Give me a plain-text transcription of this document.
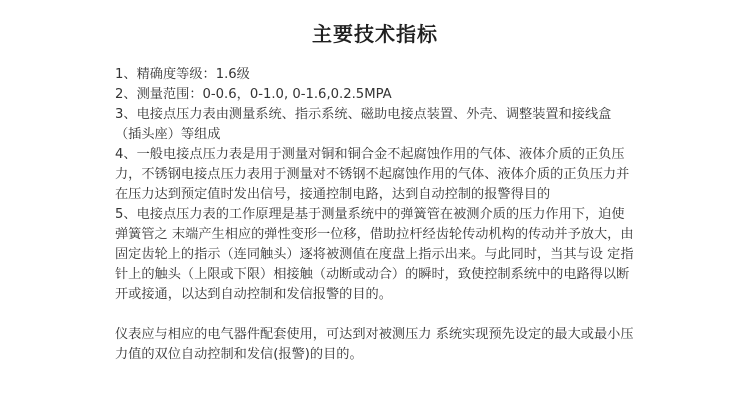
主要技术指标

1、精确度等级：1.6级

2、测量范围：0-0.6，0-1.0, 0-1.6,0.2.5MPA

3、电接点压力表由测量系统、指示系统、磁助电接点装置、外壳、调整装置和接线盒（插头座）等组成

4、一般电接点压力表是用于测量对铜和铜合金不起腐蚀作用的气体、液体介质的正负压力，不锈钢电接点压力表用于测量对不锈钢不起腐蚀作用的气体、液体介质的正负压力并在压力达到预定值时发出信号，接通控制电路，达到自动控制的报警得目的

5、电接点压力表的工作原理是基于测量系统中的弹簧管在被测介质的压力作用下，迫使弹簧管之 末端产生相应的弹性变形一位移，借助拉杆经齿轮传动机构的传动并予放大，由固定齿轮上的指示（连同触头）逐将被测值在度盘上指示出来。与此同时，当其与设 定指针上的触头（上限或下限）相接触（动断或动合）的瞬时，致使控制系统中的电路得以断开或接通，以达到自动控制和发信报警的目的。

仪表应与相应的电气器件配套使用，可达到对被测压力 系统实现预先设定的最大或最小压力值的双位自动控制和发信(报警)的目的。
